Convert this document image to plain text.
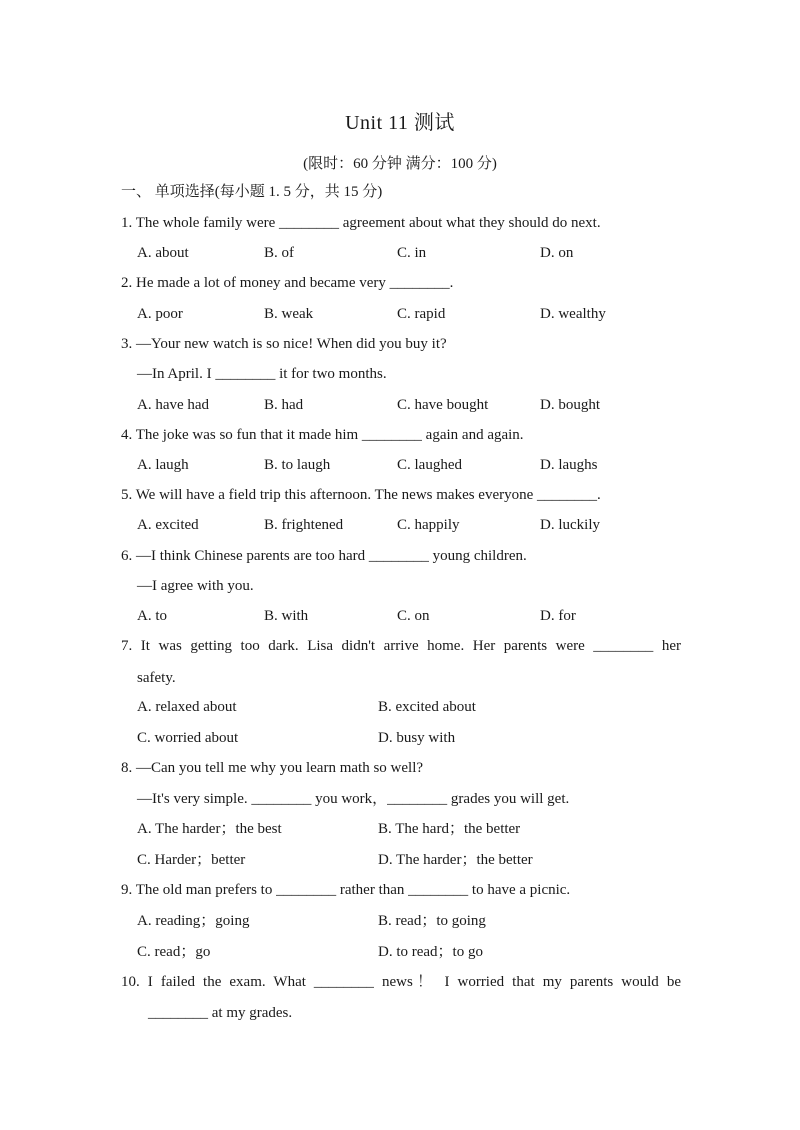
Unit 11 测试
(限时：60 分钟 满分：100 分)
一、 单项选择(每小题 1. 5 分，共 15 分)
1. The whole family were ________ agreement about what they should do next.
A. about	B. of	C. in	D. on
2. He made a lot of money and became very ________.
A. poor	B. weak	C. rapid	D. wealthy
3. —Your new watch is so nice! When did you buy it?
—In April. I ________ it for two months.
A. have had	B. had	C. have bought	D. bought
4. The joke was so fun that it made him ________ again and again.
A. laugh	B. to laugh	C. laughed	D. laughs
5. We will have a field trip this afternoon. The news makes everyone ________.
A. excited	B. frightened	C. happily	D. luckily
6. —I think Chinese parents are too hard ________ young children.
—I agree with you.
A. to	B. with	C. on	D. for
7. It was getting too dark. Lisa didn't arrive home. Her parents were ________ her
safety.
A. relaxed about	B. excited about
C. worried about	D. busy with
8. —Can you tell me why you learn math so well?
—It's very simple. ________ you work，________ grades you will get.
A. The harder；the best	B. The hard；the better
C. Harder；better	D. The harder；the better
9. The old man prefers to ________ rather than ________ to have a picnic.
A. reading；going	B. read；to going
C. read；go	D. to read；to go
10. I failed the exam. What ________ news！ I worried that my parents would be
________ at my grades.
